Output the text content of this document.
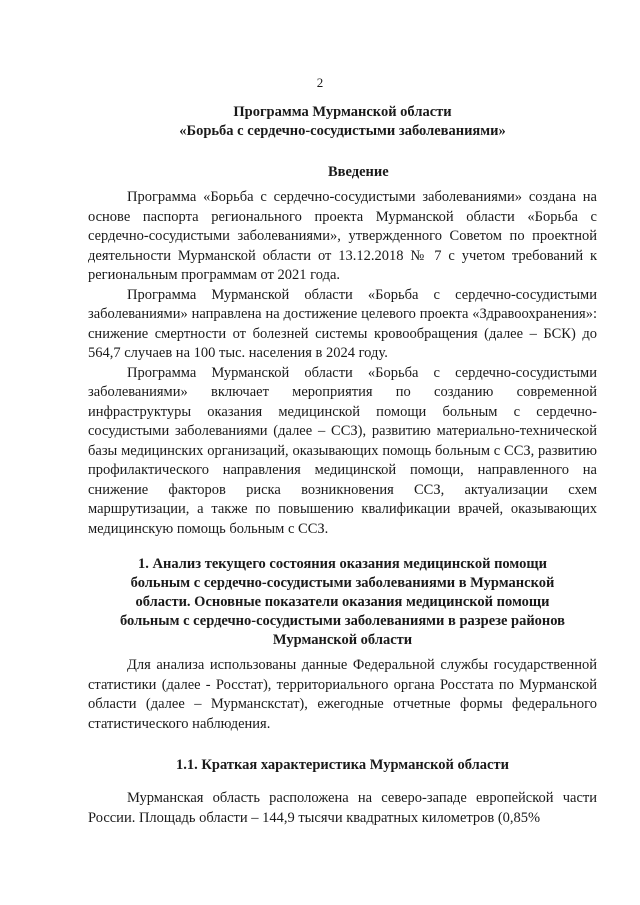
2

Программа Мурманской области

«Борьба с сердечно-сосудистыми заболеваниями»

Введение

Программа «Борьба с сердечно-сосудистыми заболеваниями» создана на основе паспорта регионального проекта Мурманской области «Борьба с сердечно-сосудистыми заболеваниями», утвержденного Советом по проектной деятельности Мурманской области от 13.12.2018 № 7 с учетом требований к региональным программам от 2021 года.

Программа Мурманской области «Борьба с сердечно-сосудистыми заболеваниями» направлена на достижение целевого проекта «Здравоохранения»: снижение смертности от болезней системы кровообращения (далее – БСК) до 564,7 случаев на 100 тыс. населения в 2024 году.

Программа Мурманской области «Борьба с сердечно-сосудистыми заболеваниями» включает мероприятия по созданию современной инфраструктуры оказания медицинской помощи больным с сердечно-сосудистыми заболеваниями (далее – ССЗ), развитию материально-технической базы медицинских организаций, оказывающих помощь больным с ССЗ, развитию профилактического направления медицинской помощи, направленного на снижение факторов риска возникновения ССЗ, актуализации схем маршрутизации, а также по повышению квалификации врачей, оказывающих медицинскую помощь больным с ССЗ.

1. Анализ текущего состояния оказания медицинской помощи больным с сердечно-сосудистыми заболеваниями в Мурманской области. Основные показатели оказания медицинской помощи больным с сердечно-сосудистыми заболеваниями в разрезе районов Мурманской области

Для анализа использованы данные Федеральной службы государственной статистики (далее - Росстат), территориального органа Росстата по Мурманской области (далее – Мурманскстат), ежегодные отчетные формы федерального статистического наблюдения.

1.1. Краткая характеристика Мурманской области

Мурманская область расположена на северо-западе европейской части России. Площадь области – 144,9 тысячи квадратных километров (0,85%
